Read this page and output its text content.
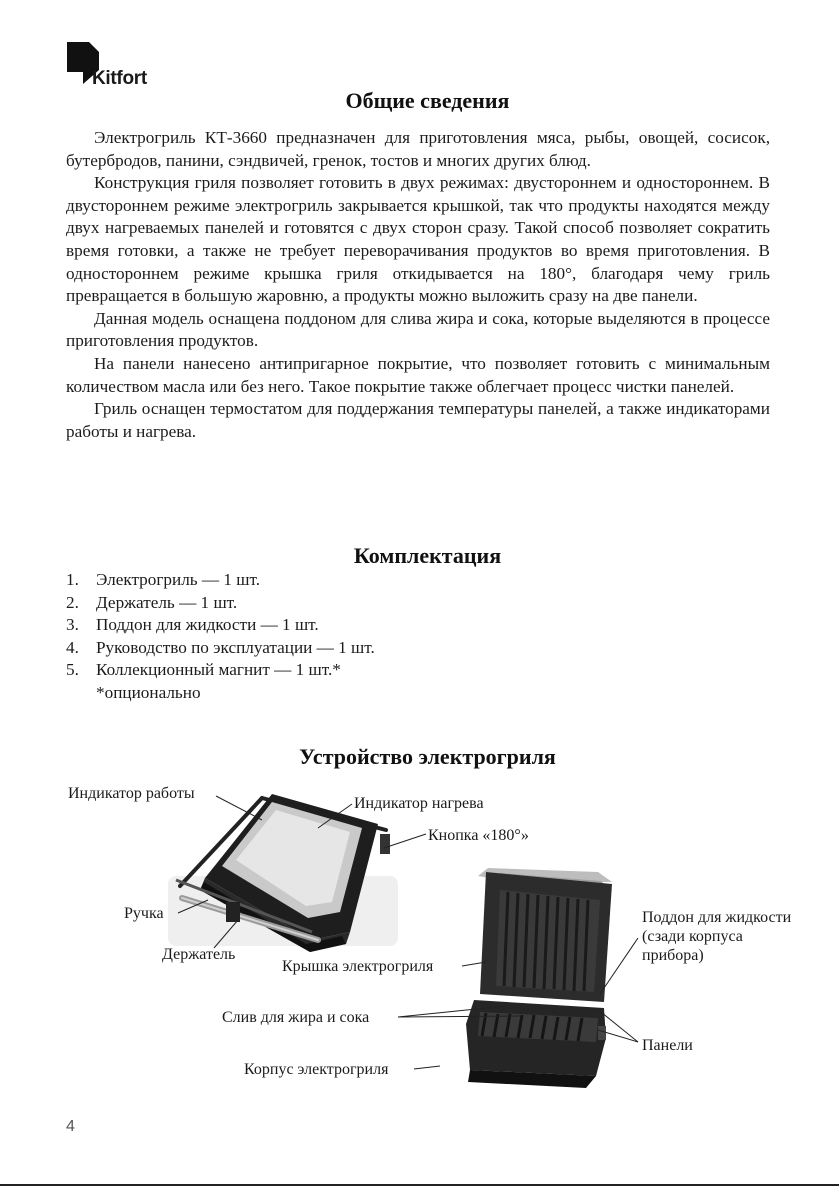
Kitfort
Общие сведения

Электрогриль КТ-3660 предназначен для приготовления мяса, рыбы, овощей, сосисок, бутербродов, панини, сэндвичей, гренок, тостов и многих других блюд.

Конструкция гриля позволяет готовить в двух режимах: двустороннем и одностороннем. В двустороннем режиме электрогриль закрывается крышкой, так что продукты находятся между двух нагреваемых панелей и готовятся с двух сторон сразу. Такой способ позволяет сократить время готовки, а также не требует переворачивания продуктов во время приготовления. В одностороннем режиме крышка гриля откидывается на 180°, благодаря чему гриль превращается в большую жаровню, а продукты можно выложить сразу на две панели.

Данная модель оснащена поддоном для слива жира и сока, которые выделяются в процессе приготовления продуктов.

На панели нанесено антипригарное покрытие, что позволяет готовить с минимальным количеством масла или без него. Такое покрытие также облегчает процесс чистки панелей.

Гриль оснащен термостатом для поддержания температуры панелей, а также индикаторами работы и нагрева.

Комплектация
1. Электрогриль — 1 шт.
2. Держатель — 1 шт.
3. Поддон для жидкости — 1 шт.
4. Руководство по эксплуатации — 1 шт.
5. Коллекционный магнит — 1 шт.*
*опционально
Устройство электрогриля
Индикатор работы
Индикатор нагрева
Кнопка «180°»
Ручка
Держатель
Крышка электрогриля
Поддон для жидкости (сзади корпуса прибора)
Слив для жира и сока
Панели
Корпус электрогриля
4
